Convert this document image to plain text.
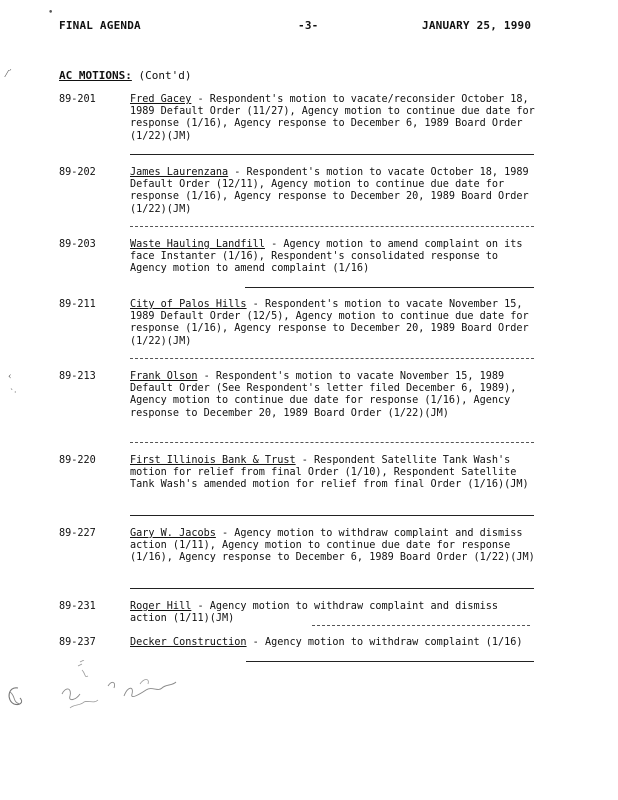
FINAL AGENDA	-3-	JANUARY 25, 1990
AC MOTIONS: (Cont'd)
89-201	Fred Gacey - Respondent's motion to vacate/reconsider October 18, 1989 Default Order (11/27), Agency motion to continue due date for response (1/16), Agency response to December 6, 1989 Board Order (1/22)(JM)
89-202	James Laurenzana - Respondent's motion to vacate October 18, 1989 Default Order (12/11), Agency motion to continue due date for response (1/16), Agency response to December 20, 1989 Board Order (1/22)(JM)
89-203	Waste Hauling Landfill - Agency motion to amend complaint on its face Instanter (1/16), Respondent's consolidated response to Agency motion to amend complaint (1/16)
89-211	City of Palos Hills - Respondent's motion to vacate November 15, 1989 Default Order (12/5), Agency motion to continue due date for response (1/16), Agency response to December 20, 1989 Board Order (1/22)(JM)
89-213	Frank Olson - Respondent's motion to vacate November 15, 1989 Default Order (See Respondent's letter filed December 6, 1989), Agency motion to continue due date for response (1/16), Agency response to December 20, 1989 Board Order (1/22)(JM)
89-220	First Illinois Bank & Trust - Respondent Satellite Tank Wash's motion for relief from final Order (1/10), Respondent Satellite Tank Wash's amended motion for relief from final Order (1/16)(JM)
89-227	Gary W. Jacobs - Agency motion to withdraw complaint and dismiss action (1/11), Agency motion to continue due date for response (1/16), Agency response to December 6, 1989 Board Order (1/22)(JM)
89-231	Roger Hill - Agency motion to withdraw complaint and dismiss action (1/11)(JM)
89-237	Decker Construction - Agency motion to withdraw complaint (1/16)
•
⁄ˊ
‹
ˋ·
